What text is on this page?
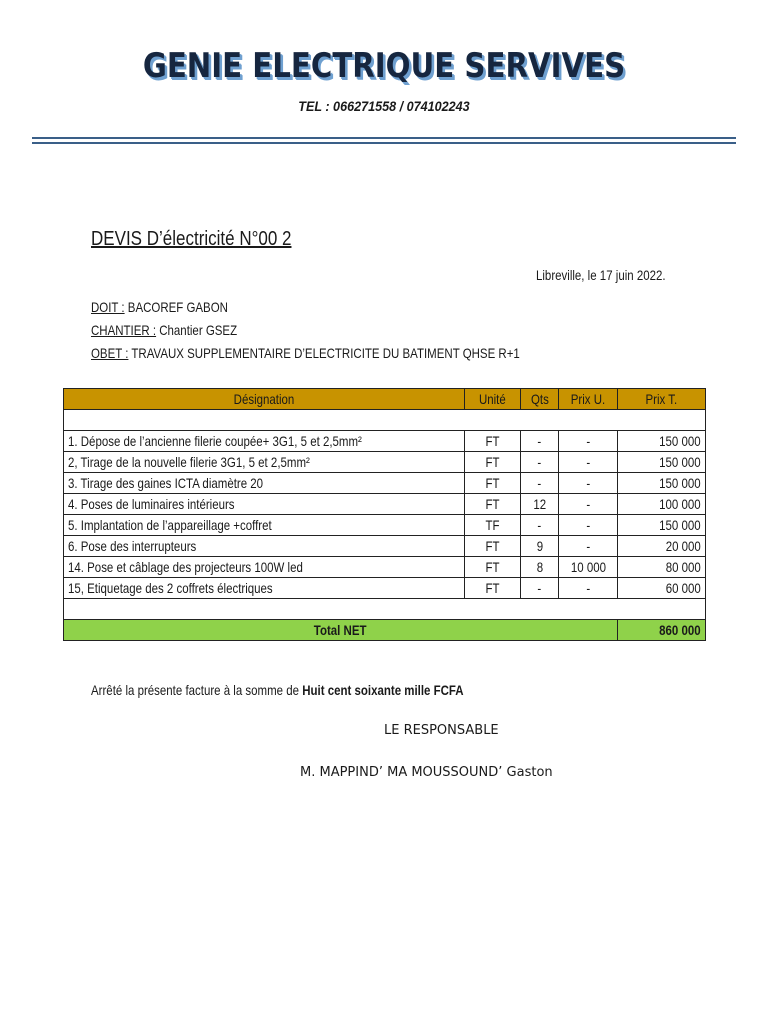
GENIE ELECTRIQUE SERVIVES
TEL : 066271558 / 074102243
DEVIS D’électricité N°00 2
Libreville, le 17 juin 2022.
DOIT : BACOREF GABON
CHANTIER : Chantier GSEZ
OBET : TRAVAUX SUPPLEMENTAIRE D’ELECTRICITE DU BATIMENT QHSE R+1
Désignation	Unité	Qts	Prix U.	Prix T.

1. Dépose de l’ancienne filerie coupée+ 3G1, 5 et 2,5mm²	FT	-	-	150 000
2, Tirage de la nouvelle filerie 3G1, 5 et 2,5mm²	FT	-	-	150 000
3. Tirage des gaines ICTA diamètre 20	FT	-	-	150 000
4. Poses de luminaires intérieurs	FT	12	-	100 000
5. Implantation de l’appareillage +coffret	TF	-	-	150 000
6. Pose des interrupteurs	FT	9	-	20 000
14. Pose et câblage des projecteurs 100W led	FT	8	10 000	80 000
15, Etiquetage des 2 coffrets électriques	FT	-	-	60 000

Total NET				860 000
Arrêté la présente facture à la somme de Huit cent soixante mille FCFA
LE RESPONSABLE
M. MAPPIND’ MA MOUSSOUND’ Gaston
